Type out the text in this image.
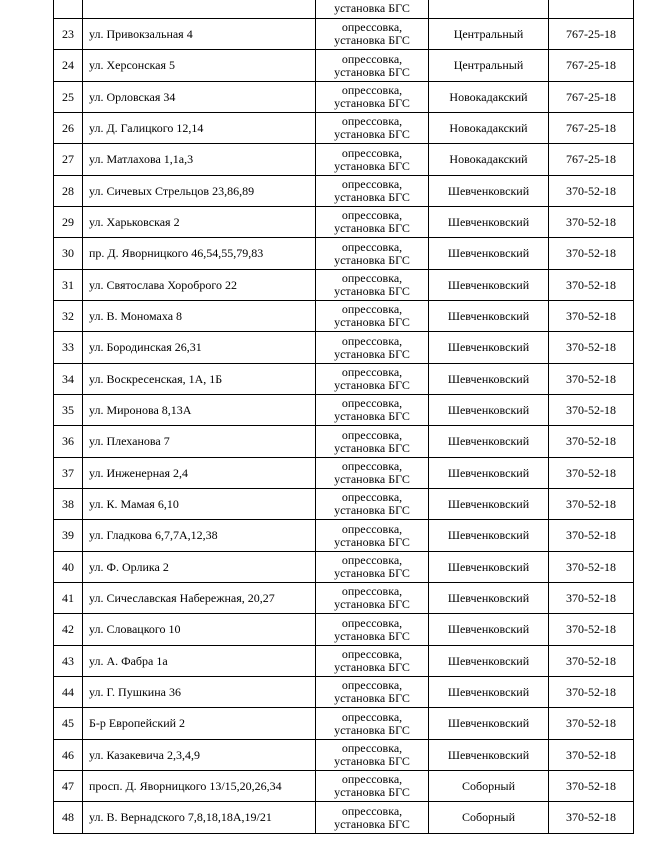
		установка БГС		

23	ул. Привокзальная 4	опрессовка,
установка БГС	Центральный	767-25-18
24	ул. Херсонская 5	опрессовка,
установка БГС	Центральный	767-25-18
25	ул. Орловская 34	опрессовка,
установка БГС	Новокадакский	767-25-18
26	ул. Д. Галицкого 12,14	опрессовка,
установка БГС	Новокадакский	767-25-18
27	ул. Матлахова 1,1а,3	опрессовка,
установка БГС	Новокадакский	767-25-18
28	ул. Сичевых Стрельцов 23,86,89	опрессовка,
установка БГС	Шевченковский	370-52-18
29	ул. Харьковская 2	опрессовка,
установка БГС	Шевченковский	370-52-18
30	пр. Д. Яворницкого 46,54,55,79,83	опрессовка,
установка БГС	Шевченковский	370-52-18
31	ул. Святослава Хороброго 22	опрессовка,
установка БГС	Шевченковский	370-52-18
32	ул. В. Мономаха 8	опрессовка,
установка БГС	Шевченковский	370-52-18
33	ул. Бородинская 26,31	опрессовка,
установка БГС	Шевченковский	370-52-18
34	ул. Воскресенская, 1А, 1Б	опрессовка,
установка БГС	Шевченковский	370-52-18
35	ул. Миронова 8,13А	опрессовка,
установка БГС	Шевченковский	370-52-18
36	ул. Плеханова 7	опрессовка,
установка БГС	Шевченковский	370-52-18
37	ул. Инженерная 2,4	опрессовка,
установка БГС	Шевченковский	370-52-18
38	ул. К. Мамая 6,10	опрессовка,
установка БГС	Шевченковский	370-52-18
39	ул. Гладкова 6,7,7А,12,38	опрессовка,
установка БГС	Шевченковский	370-52-18
40	ул. Ф. Орлика 2	опрессовка,
установка БГС	Шевченковский	370-52-18
41	ул. Сичеславская Набережная, 20,27	опрессовка,
установка БГС	Шевченковский	370-52-18
42	ул. Словацкого 10	опрессовка,
установка БГС	Шевченковский	370-52-18
43	ул. А. Фабра 1а	опрессовка,
установка БГС	Шевченковский	370-52-18
44	ул. Г. Пушкина 36	опрессовка,
установка БГС	Шевченковский	370-52-18
45	Б-р Европейский 2	опрессовка,
установка БГС	Шевченковский	370-52-18
46	ул. Казакевича 2,3,4,9	опрессовка,
установка БГС	Шевченковский	370-52-18
47	просп. Д. Яворницкого 13/15,20,26,34	опрессовка,
установка БГС	Соборный	370-52-18
48	ул. В. Вернадского 7,8,18,18А,19/21	опрессовка,
установка БГС	Соборный	370-52-18
